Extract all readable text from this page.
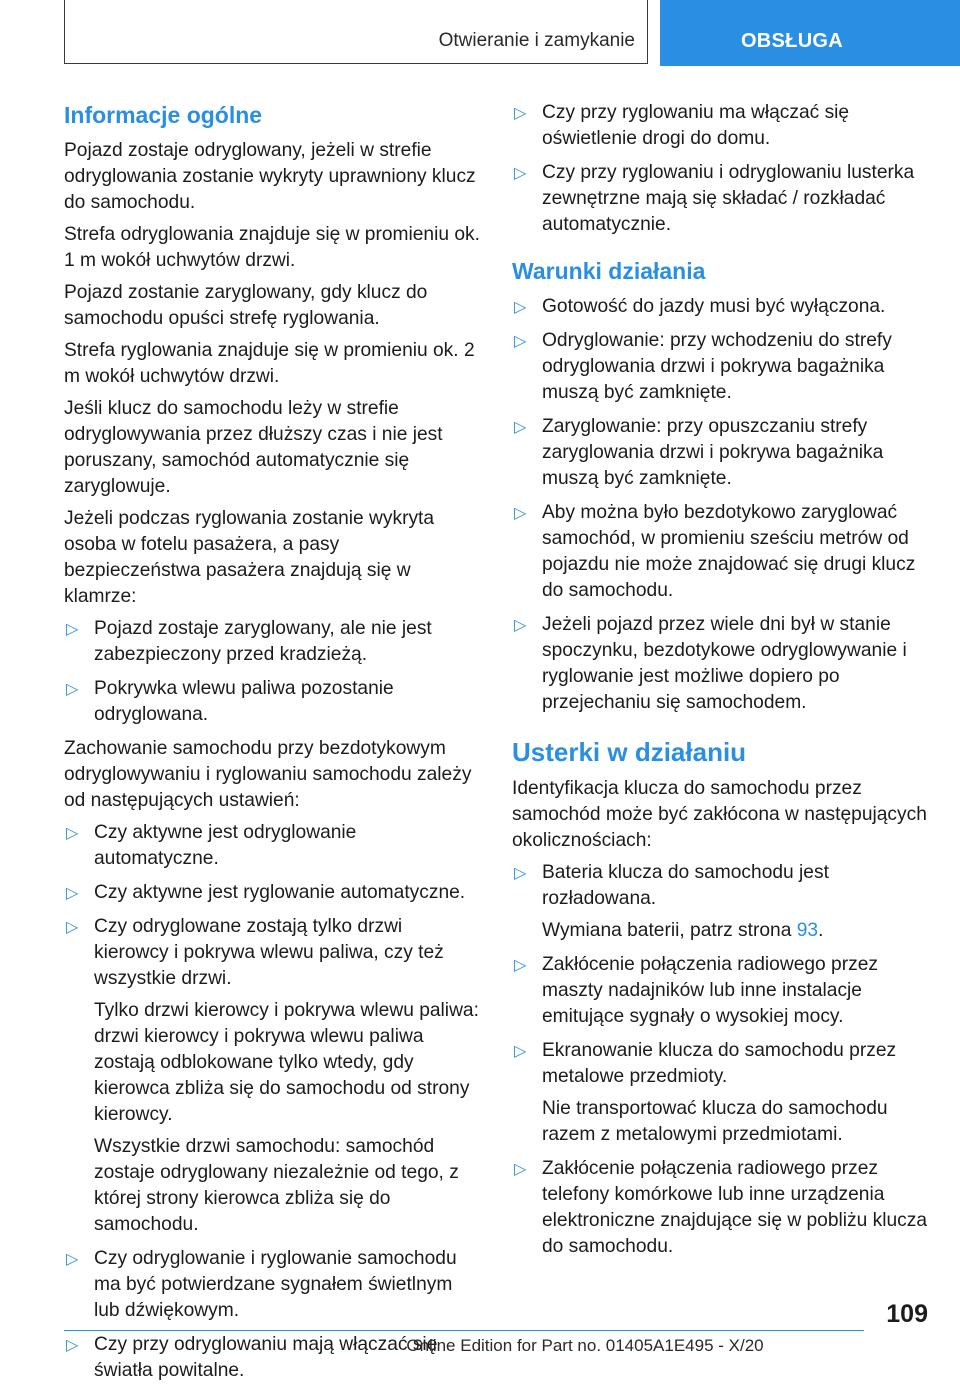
Otwieranie i zamykanie	OBSŁUGA
Informacje ogólne

Pojazd zostaje odryglowany, jeżeli w strefie odryglowania zostanie wykryty uprawniony klucz do samochodu.

Strefa odryglowania znajduje się w promieniu ok. 1 m wokół uchwytów drzwi.

Pojazd zostanie zaryglowany, gdy klucz do samochodu opuści strefę ryglowania.

Strefa ryglowania znajduje się w promieniu ok. 2 m wokół uchwytów drzwi.

Jeśli klucz do samochodu leży w strefie odryglowywania przez dłuższy czas i nie jest poruszany, samochód automatycznie się zaryglowuje.

Jeżeli podczas ryglowania zostanie wykryta osoba w fotelu pasażera, a pasy bezpieczeństwa pasażera znajdują się w klamrze:

▷ Pojazd zostaje zaryglowany, ale nie jest zabezpieczony przed kradzieżą.
▷ Pokrywka wlewu paliwa pozostanie odryglowana.

Zachowanie samochodu przy bezdotykowym odryglowywaniu i ryglowaniu samochodu zależy od następujących ustawień:

▷ Czy aktywne jest odryglowanie automatyczne.
▷ Czy aktywne jest ryglowanie automatyczne.
▷ Czy odryglowane zostają tylko drzwi kierowcy i pokrywa wlewu paliwa, czy też wszystkie drzwi.

Tylko drzwi kierowcy i pokrywa wlewu paliwa: drzwi kierowcy i pokrywa wlewu paliwa zostają odblokowane tylko wtedy, gdy kierowca zbliża się do samochodu od strony kierowcy.

Wszystkie drzwi samochodu: samochód zostaje odryglowany niezależnie od tego, z której strony kierowca zbliża się do samochodu.

▷ Czy odryglowanie i ryglowanie samochodu ma być potwierdzane sygnałem świetlnym lub dźwiękowym.
▷ Czy przy odryglowaniu mają włączać się światła powitalne.
▷ Czy przy ryglowaniu ma włączać się oświetlenie drogi do domu.
▷ Czy przy ryglowaniu i odryglowaniu lusterka zewnętrzne mają się składać / rozkładać automatycznie.
Warunki działania
▷ Gotowość do jazdy musi być wyłączona.
▷ Odryglowanie: przy wchodzeniu do strefy odryglowania drzwi i pokrywa bagażnika muszą być zamknięte.
▷ Zaryglowanie: przy opuszczaniu strefy zaryglowania drzwi i pokrywa bagażnika muszą być zamknięte.
▷ Aby można było bezdotykowo zaryglować samochód, w promieniu sześciu metrów od pojazdu nie może znajdować się drugi klucz do samochodu.
▷ Jeżeli pojazd przez wiele dni był w stanie spoczynku, bezdotykowe odryglowywanie i ryglowanie jest możliwe dopiero po przejechaniu się samochodem.
Usterki w działaniu

Identyfikacja klucza do samochodu przez samochód może być zakłócona w następujących okolicznościach:

▷ Bateria klucza do samochodu jest rozładowana.

Wymiana baterii, patrz strona 93.

▷ Zakłócenie połączenia radiowego przez maszty nadajników lub inne instalacje emitujące sygnały o wysokiej mocy.
▷ Ekranowanie klucza do samochodu przez metalowe przedmioty.

Nie transportować klucza do samochodu razem z metalowymi przedmiotami.

▷ Zakłócenie połączenia radiowego przez telefony komórkowe lub inne urządzenia elektroniczne znajdujące się w pobliżu klucza do samochodu.
109
Online Edition for Part no. 01405A1E495 - X/20
